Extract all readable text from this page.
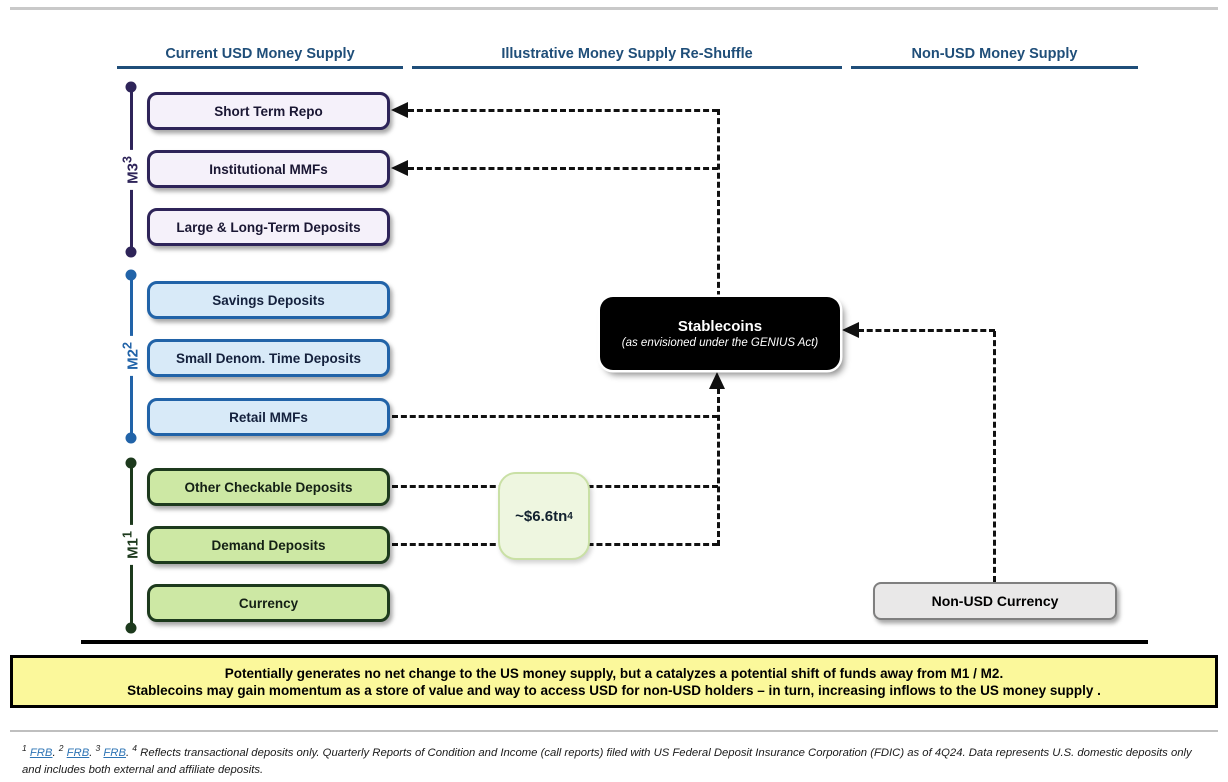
Current USD Money Supply	Illustrative Money Supply Re-Shuffle	Non-USD Money Supply
$M3^3$
$M2^2$
$M1^1$
Short Term Repo
Institutional MMFs
Large & Long-Term Deposits
Savings Deposits
Small Denom. Time Deposits
Retail MMFs
Other Checkable Deposits
Demand Deposits
Currency
Stablecoins
(as envisioned under the GENIUS Act)
~$6.6tn 4
Non-USD Currency
Potentially generates no net change to the US money supply, but a catalyzes a potential shift of funds away from M1 / M2.
Stablecoins may gain momentum as a store of value and way to access USD for non-USD holders – in turn, increasing inflows to the US money supply .

$^1$ FRB. $^2$ FRB. $^3$ FRB. $^4$ Reflects transactional deposits only. Quarterly Reports of Condition and Income (call reports) filed with US Federal Deposit Insurance Corporation (FDIC) as of 4Q24. Data represents U.S. domestic deposits only and includes both external and affiliate deposits.
